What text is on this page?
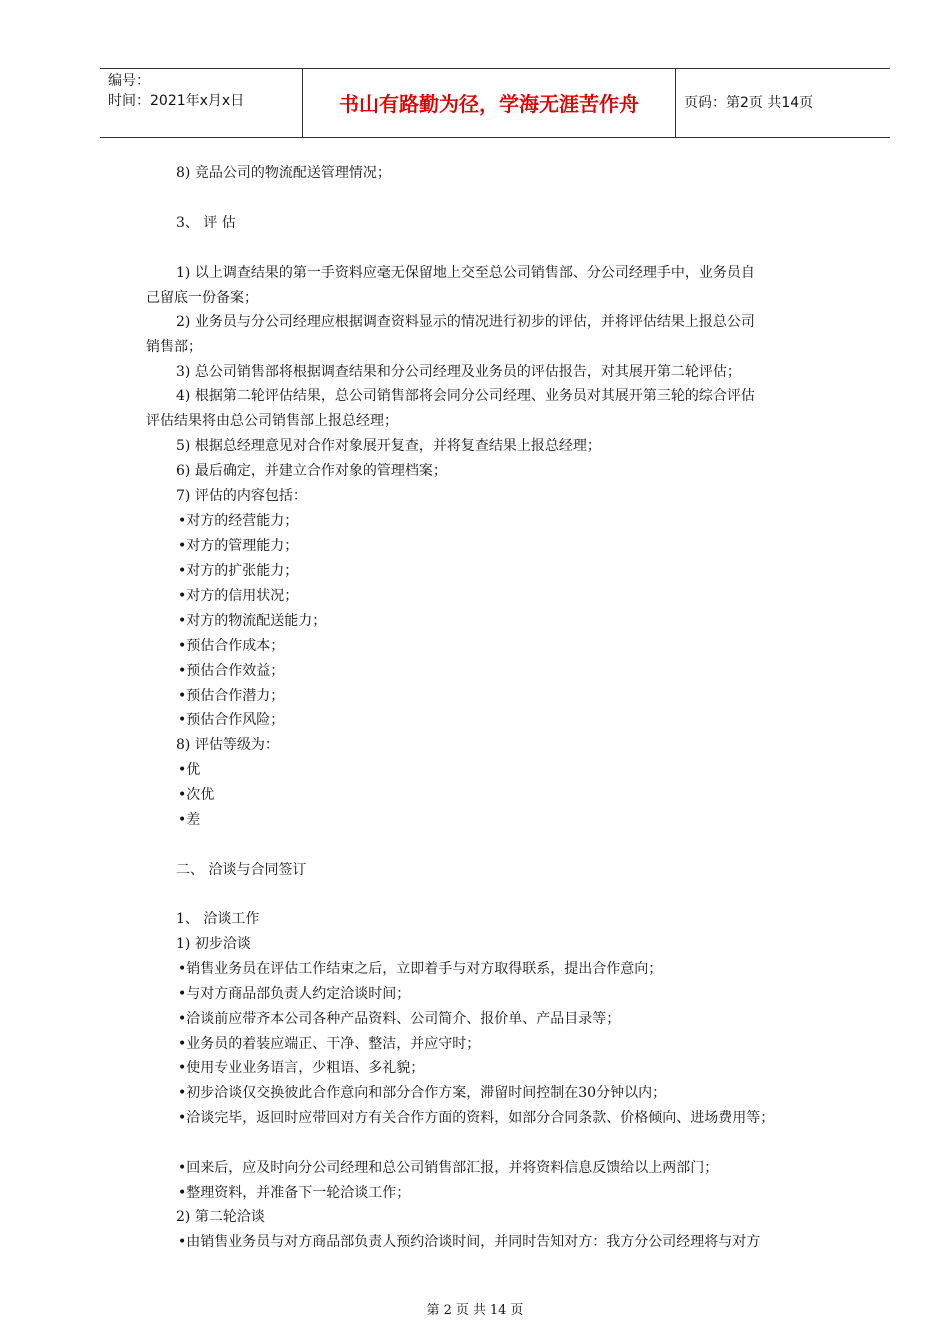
编号：
时间：2021年x月x日	书山有路勤为径，学海无涯苦作舟	页码：第2页 共14页
8) 竞品公司的物流配送管理情况；
3、 评 估
1) 以上调查结果的第一手资料应毫无保留地上交至总公司销售部、分公司经理手中，业务员自
己留底一份备案；
2) 业务员与分公司经理应根据调查资料显示的情况进行初步的评估，并将评估结果上报总公司
销售部；
3) 总公司销售部将根据调查结果和分公司经理及业务员的评估报告，对其展开第二轮评估；
4) 根据第二轮评估结果，总公司销售部将会同分公司经理、业务员对其展开第三轮的综合评估
评估结果将由总公司销售部上报总经理；
5) 根据总经理意见对合作对象展开复查，并将复查结果上报总经理；
6) 最后确定，并建立合作对象的管理档案；
7) 评估的内容包括：
•对方的经营能力；
•对方的管理能力；
•对方的扩张能力；
•对方的信用状况；
•对方的物流配送能力；
•预估合作成本；
•预估合作效益；
•预估合作潜力；
•预估合作风险；
8) 评估等级为：
•优
•次优
•差
二、 洽谈与合同签订
1、 洽谈工作
1) 初步洽谈
•销售业务员在评估工作结束之后，立即着手与对方取得联系，提出合作意向；
•与对方商品部负责人约定洽谈时间；
•洽谈前应带齐本公司各种产品资料、公司简介、报价单、产品目录等；
•业务员的着装应端正、干净、整洁，并应守时；
•使用专业业务语言，少粗语、多礼貌；
•初步洽谈仅交换彼此合作意向和部分合作方案，滞留时间控制在30分钟以内；
•洽谈完毕，返回时应带回对方有关合作方面的资料，如部分合同条款、价格倾向、进场费用等；
•回来后，应及时向分公司经理和总公司销售部汇报，并将资料信息反馈给以上两部门；
•整理资料，并准备下一轮洽谈工作；
2) 第二轮洽谈
•由销售业务员与对方商品部负责人预约洽谈时间，并同时告知对方：我方分公司经理将与对方
第 2 页 共 14 页
